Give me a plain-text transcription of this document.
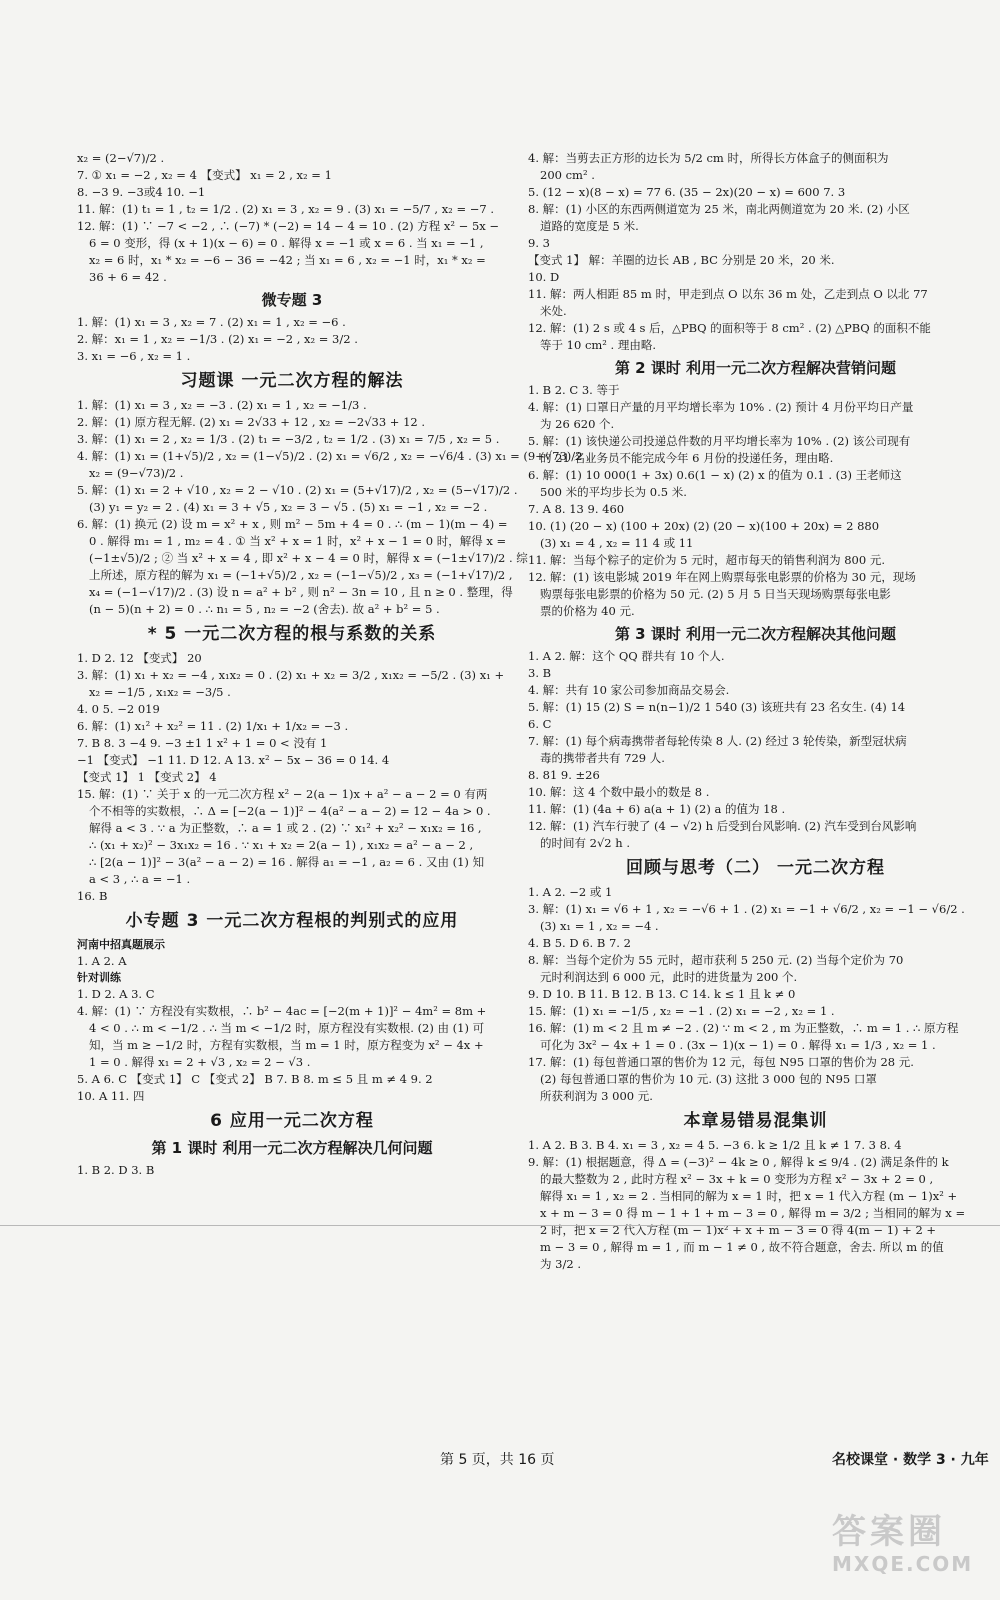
x₂ = (2−√7)/2 .
7. ① x₁ = −2 , x₂ = 4 【变式】 x₁ = 2 , x₂ = 1
8. −3 9. −3或4 10. −1
11. 解：(1) t₁ = 1 , t₂ = 1/2 . (2) x₁ = 3 , x₂ = 9 . (3) x₁ = −5/7 , x₂ = −7 .
12. 解：(1) ∵ −7 < −2 , ∴ (−7) * (−2) = 14 − 4 = 10 . (2) 方程 x² − 5x −
6 = 0 变形，得 (x + 1)(x − 6) = 0 . 解得 x = −1 或 x = 6 . 当 x₁ = −1 ,
x₂ = 6 时，x₁ * x₂ = −6 − 36 = −42 ; 当 x₁ = 6 , x₂ = −1 时，x₁ * x₂ =
36 + 6 = 42 .
微专题 3
1. 解：(1) x₁ = 3 , x₂ = 7 . (2) x₁ = 1 , x₂ = −6 .
2. 解：x₁ = 1 , x₂ = −1/3 . (2) x₁ = −2 , x₂ = 3/2 .
3. x₁ = −6 , x₂ = 1 .
习题课 一元二次方程的解法
1. 解：(1) x₁ = 3 , x₂ = −3 . (2) x₁ = 1 , x₂ = −1/3 .
2. 解：(1) 原方程无解. (2) x₁ = 2√33 + 12 , x₂ = −2√33 + 12 .
3. 解：(1) x₁ = 2 , x₂ = 1/3 . (2) t₁ = −3/2 , t₂ = 1/2 . (3) x₁ = 7/5 , x₂ = 5 .
4. 解：(1) x₁ = (1+√5)/2 , x₂ = (1−√5)/2 . (2) x₁ = √6/2 , x₂ = −√6/4 . (3) x₁ = (9+√73)/2 ,
x₂ = (9−√73)/2 .
5. 解：(1) x₁ = 2 + √10 , x₂ = 2 − √10 . (2) x₁ = (5+√17)/2 , x₂ = (5−√17)/2 .
(3) y₁ = y₂ = 2 . (4) x₁ = 3 + √5 , x₂ = 3 − √5 . (5) x₁ = −1 , x₂ = −2 .
6. 解：(1) 换元 (2) 设 m = x² + x , 则 m² − 5m + 4 = 0 . ∴ (m − 1)(m − 4) =
0 . 解得 m₁ = 1 , m₂ = 4 . ① 当 x² + x = 1 时，x² + x − 1 = 0 时，解得 x =
(−1±√5)/2 ; ② 当 x² + x = 4 , 即 x² + x − 4 = 0 时，解得 x = (−1±√17)/2 . 综
上所述，原方程的解为 x₁ = (−1+√5)/2 , x₂ = (−1−√5)/2 , x₃ = (−1+√17)/2 ,
x₄ = (−1−√17)/2 . (3) 设 n = a² + b² , 则 n² − 3n = 10 , 且 n ≥ 0 . 整理，得
(n − 5)(n + 2) = 0 . ∴ n₁ = 5 , n₂ = −2 (舍去). 故 a² + b² = 5 .
* 5 一元二次方程的根与系数的关系
1. D 2. 12 【变式】 20
3. 解：(1) x₁ + x₂ = −4 , x₁x₂ = 0 . (2) x₁ + x₂ = 3/2 , x₁x₂ = −5/2 . (3) x₁ +
x₂ = −1/5 , x₁x₂ = −3/5 .
4. 0 5. −2 019
6. 解：(1) x₁² + x₂² = 11 . (2) 1/x₁ + 1/x₂ = −3 .
7. B 8. 3 −4 9. −3 ±1 1 x² + 1 = 0 < 没有 1
−1 【变式】 −1 11. D 12. A 13. x² − 5x − 36 = 0 14. 4
【变式 1】 1 【变式 2】 4
15. 解：(1) ∵ 关于 x 的一元二次方程 x² − 2(a − 1)x + a² − a − 2 = 0 有两
个不相等的实数根，∴ Δ = [−2(a − 1)]² − 4(a² − a − 2) = 12 − 4a > 0 .
解得 a < 3 . ∵ a 为正整数，∴ a = 1 或 2 . (2) ∵ x₁² + x₂² − x₁x₂ = 16 ,
∴ (x₁ + x₂)² − 3x₁x₂ = 16 . ∵ x₁ + x₂ = 2(a − 1) , x₁x₂ = a² − a − 2 ,
∴ [2(a − 1)]² − 3(a² − a − 2) = 16 . 解得 a₁ = −1 , a₂ = 6 . 又由 (1) 知
a < 3 , ∴ a = −1 .
16. B
小专题 3 一元二次方程根的判别式的应用
河南中招真题展示
1. A 2. A
针对训练
1. D 2. A 3. C
4. 解：(1) ∵ 方程没有实数根，∴ b² − 4ac = [−2(m + 1)]² − 4m² = 8m +
4 < 0 . ∴ m < −1/2 . ∴ 当 m < −1/2 时，原方程没有实数根. (2) 由 (1) 可
知，当 m ≥ −1/2 时，方程有实数根，当 m = 1 时，原方程变为 x² − 4x +
1 = 0 . 解得 x₁ = 2 + √3 , x₂ = 2 − √3 .
5. A 6. C 【变式 1】 C 【变式 2】 B 7. B 8. m ≤ 5 且 m ≠ 4 9. 2
10. A 11. 四
6 应用一元二次方程
第 1 课时 利用一元二次方程解决几何问题
1. B 2. D 3. B
4. 解：当剪去正方形的边长为 5/2 cm 时，所得长方体盒子的侧面积为
200 cm² .
5. (12 − x)(8 − x) = 77 6. (35 − 2x)(20 − x) = 600 7. 3
8. 解：(1) 小区的东西两侧道宽为 25 米，南北两侧道宽为 20 米. (2) 小区
道路的宽度是 5 米.
9. 3
【变式 1】 解：羊圈的边长 AB , BC 分别是 20 米，20 米.
10. D
11. 解：两人相距 85 m 时，甲走到点 O 以东 36 m 处，乙走到点 O 以北 77
米处.
12. 解：(1) 2 s 或 4 s 后，△PBQ 的面积等于 8 cm² . (2) △PBQ 的面积不能
等于 10 cm² . 理由略.
第 2 课时 利用一元二次方程解决营销问题
1. B 2. C 3. 等于
4. 解：(1) 口罩日产量的月平均增长率为 10% . (2) 预计 4 月份平均日产量
为 26 620 个.
5. 解：(1) 该快递公司投递总件数的月平均增长率为 10% . (2) 该公司现有
的 21 名业务员不能完成今年 6 月份的投递任务，理由略.
6. 解：(1) 10 000(1 + 3x) 0.6(1 − x) (2) x 的值为 0.1 . (3) 王老师这
500 米的平均步长为 0.5 米.
7. A 8. 13 9. 460
10. (1) (20 − x) (100 + 20x) (2) (20 − x)(100 + 20x) = 2 880
(3) x₁ = 4 , x₂ = 11 4 或 11
11. 解：当每个粽子的定价为 5 元时，超市每天的销售利润为 800 元.
12. 解：(1) 该电影城 2019 年在网上购票每张电影票的价格为 30 元，现场
购票每张电影票的价格为 50 元. (2) 5 月 5 日当天现场购票每张电影
票的价格为 40 元.
第 3 课时 利用一元二次方程解决其他问题
1. A 2. 解：这个 QQ 群共有 10 个人.
3. B
4. 解：共有 10 家公司参加商品交易会.
5. 解：(1) 15 (2) S = n(n−1)/2 1 540 (3) 该班共有 23 名女生. (4) 14
6. C
7. 解：(1) 每个病毒携带者每轮传染 8 人. (2) 经过 3 轮传染，新型冠状病
毒的携带者共有 729 人.
8. 81 9. ±26
10. 解：这 4 个数中最小的数是 8 .
11. 解：(1) (4a + 6) a(a + 1) (2) a 的值为 18 .
12. 解：(1) 汽车行驶了 (4 − √2) h 后受到台风影响. (2) 汽车受到台风影响
的时间有 2√2 h .
回顾与思考（二） 一元二次方程
1. A 2. −2 或 1
3. 解：(1) x₁ = √6 + 1 , x₂ = −√6 + 1 . (2) x₁ = −1 + √6/2 , x₂ = −1 − √6/2 .
(3) x₁ = 1 , x₂ = −4 .
4. B 5. D 6. B 7. 2
8. 解：当每个定价为 55 元时，超市获利 5 250 元. (2) 当每个定价为 70
元时利润达到 6 000 元，此时的进货量为 200 个.
9. D 10. B 11. B 12. B 13. C 14. k ≤ 1 且 k ≠ 0
15. 解：(1) x₁ = −1/5 , x₂ = −1 . (2) x₁ = −2 , x₂ = 1 .
16. 解：(1) m < 2 且 m ≠ −2 . (2) ∵ m < 2 , m 为正整数，∴ m = 1 . ∴ 原方程
可化为 3x² − 4x + 1 = 0 . (3x − 1)(x − 1) = 0 . 解得 x₁ = 1/3 , x₂ = 1 .
17. 解：(1) 每包普通口罩的售价为 12 元，每包 N95 口罩的售价为 28 元.
(2) 每包普通口罩的售价为 10 元. (3) 这批 3 000 包的 N95 口罩
所获利润为 3 000 元.
本章易错易混集训
1. A 2. B 3. B 4. x₁ = 3 , x₂ = 4 5. −3 6. k ≥ 1/2 且 k ≠ 1 7. 3 8. 4
9. 解：(1) 根据题意，得 Δ = (−3)² − 4k ≥ 0 , 解得 k ≤ 9/4 . (2) 满足条件的 k
的最大整数为 2 , 此时方程 x² − 3x + k = 0 变形为方程 x² − 3x + 2 = 0 ,
解得 x₁ = 1 , x₂ = 2 . 当相同的解为 x = 1 时，把 x = 1 代入方程 (m − 1)x² +
x + m − 3 = 0 得 m − 1 + 1 + m − 3 = 0 , 解得 m = 3/2 ; 当相同的解为 x =
2 时，把 x = 2 代入方程 (m − 1)x² + x + m − 3 = 0 得 4(m − 1) + 2 +
m − 3 = 0 , 解得 m = 1 , 而 m − 1 ≠ 0 , 故不符合题意，舍去. 所以 m 的值
为 3/2 .
第 5 页，共 16 页	名校课堂 · 数学 3 · 九年
答案圈
MXQE.COM
